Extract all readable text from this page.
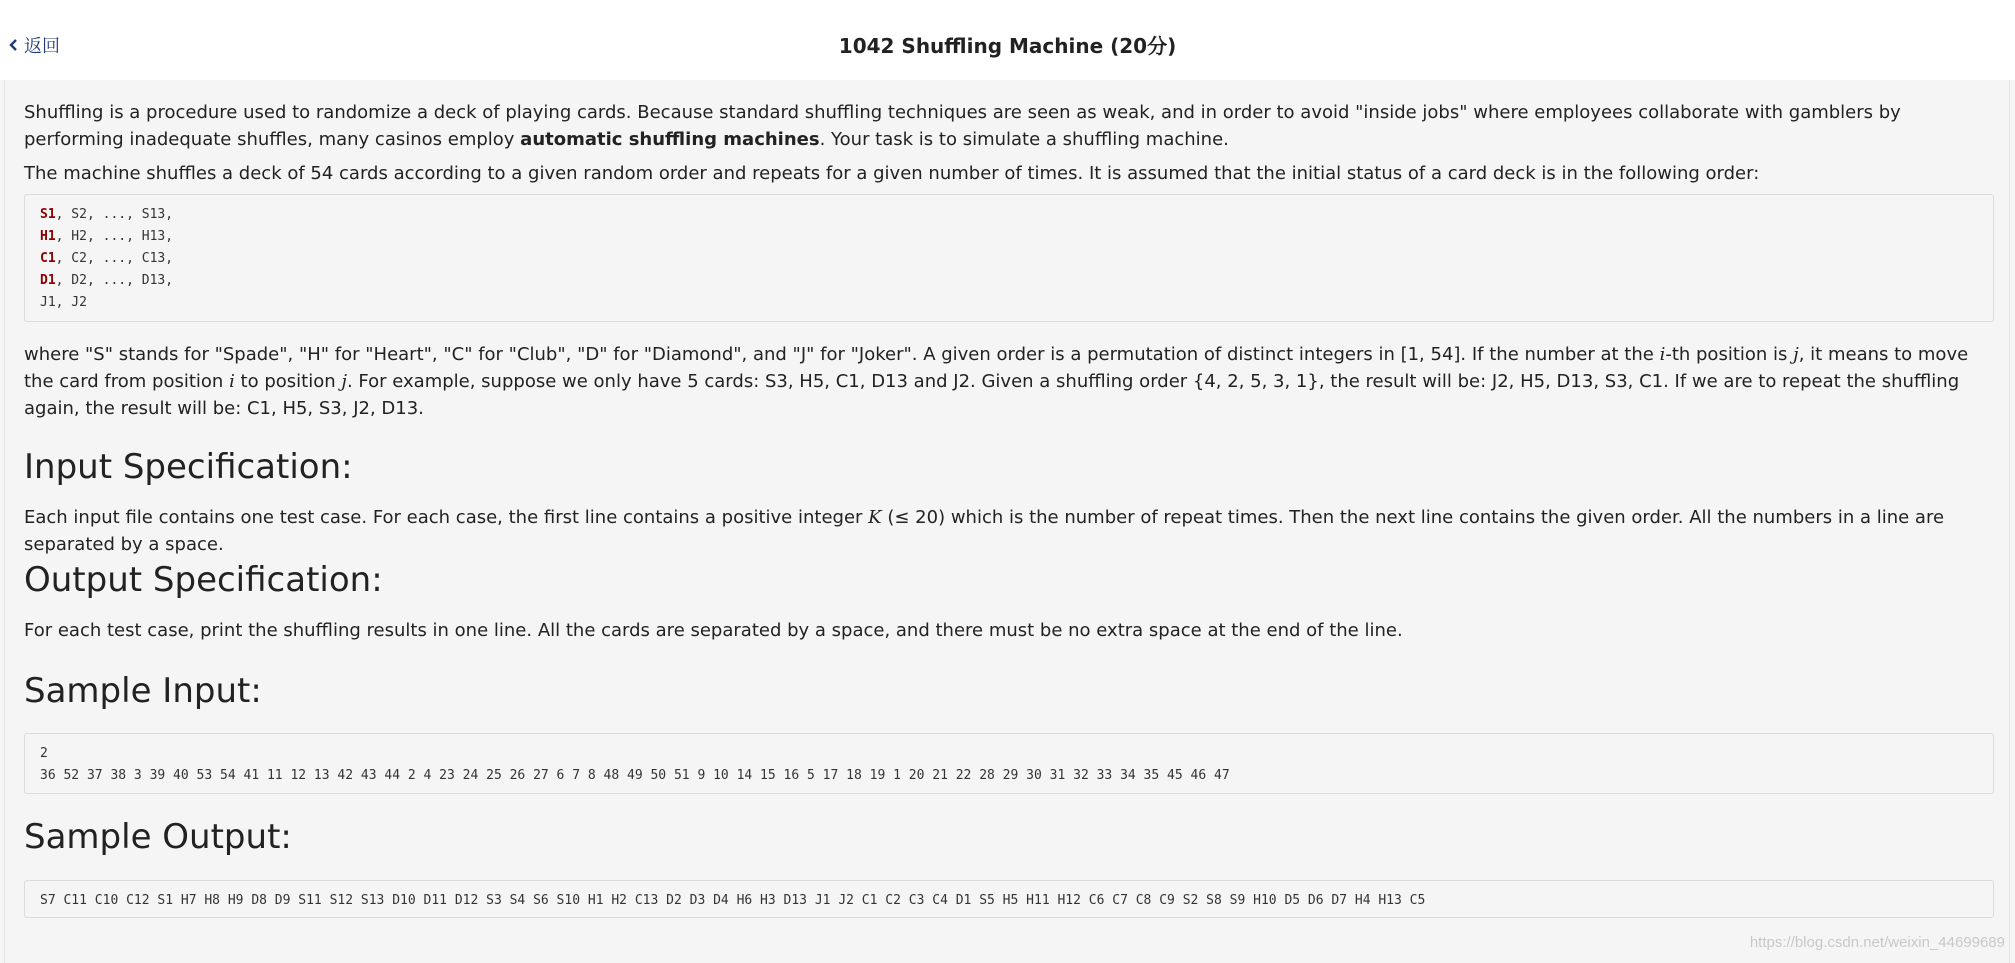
返回	1042 Shuffling Machine (20分)

Shuffling is a procedure used to randomize a deck of playing cards. Because standard shuffling techniques are seen as weak, and in order to avoid "inside jobs" where employees collaborate with gamblers by performing inadequate shuffles, many casinos employ automatic shuffling machines. Your task is to simulate a shuffling machine.

The machine shuffles a deck of 54 cards according to a given random order and repeats for a given number of times. It is assumed that the initial status of a card deck is in the following order:

S1, S2, ..., S13,
H1, H2, ..., H13,
C1, C2, ..., C13,
D1, D2, ..., D13,
J1, J2

where "S" stands for "Spade", "H" for "Heart", "C" for "Club", "D" for "Diamond", and "J" for "Joker". A given order is a permutation of distinct integers in [1, 54]. If the number at the i-th position is j, it means to move the card from position i to position j. For example, suppose we only have 5 cards: S3, H5, C1, D13 and J2. Given a shuffling order {4, 2, 5, 3, 1}, the result will be: J2, H5, D13, S3, C1. If we are to repeat the shuffling again, the result will be: C1, H5, S3, J2, D13.

Input Specification:

Each input file contains one test case. For each case, the first line contains a positive integer K (≤ 20) which is the number of repeat times. Then the next line contains the given order. All the numbers in a line are separated by a space.

Output Specification:

For each test case, print the shuffling results in one line. All the cards are separated by a space, and there must be no extra space at the end of the line.

Sample Input:
2
36 52 37 38 3 39 40 53 54 41 11 12 13 42 43 44 2 4 23 24 25 26 27 6 7 8 48 49 50 51 9 10 14 15 16 5 17 18 19 1 20 21 22 28 29 30 31 32 33 34 35 45 46 47
Sample Output:
S7 C11 C10 C12 S1 H7 H8 H9 D8 D9 S11 S12 S13 D10 D11 D12 S3 S4 S6 S10 H1 H2 C13 D2 D3 D4 H6 H3 D13 J1 J2 C1 C2 C3 C4 D1 S5 H5 H11 H12 C6 C7 C8 C9 S2 S8 S9 H10 D5 D6 D7 H4 H13 C5
https://blog.csdn.net/weixin_44699689
